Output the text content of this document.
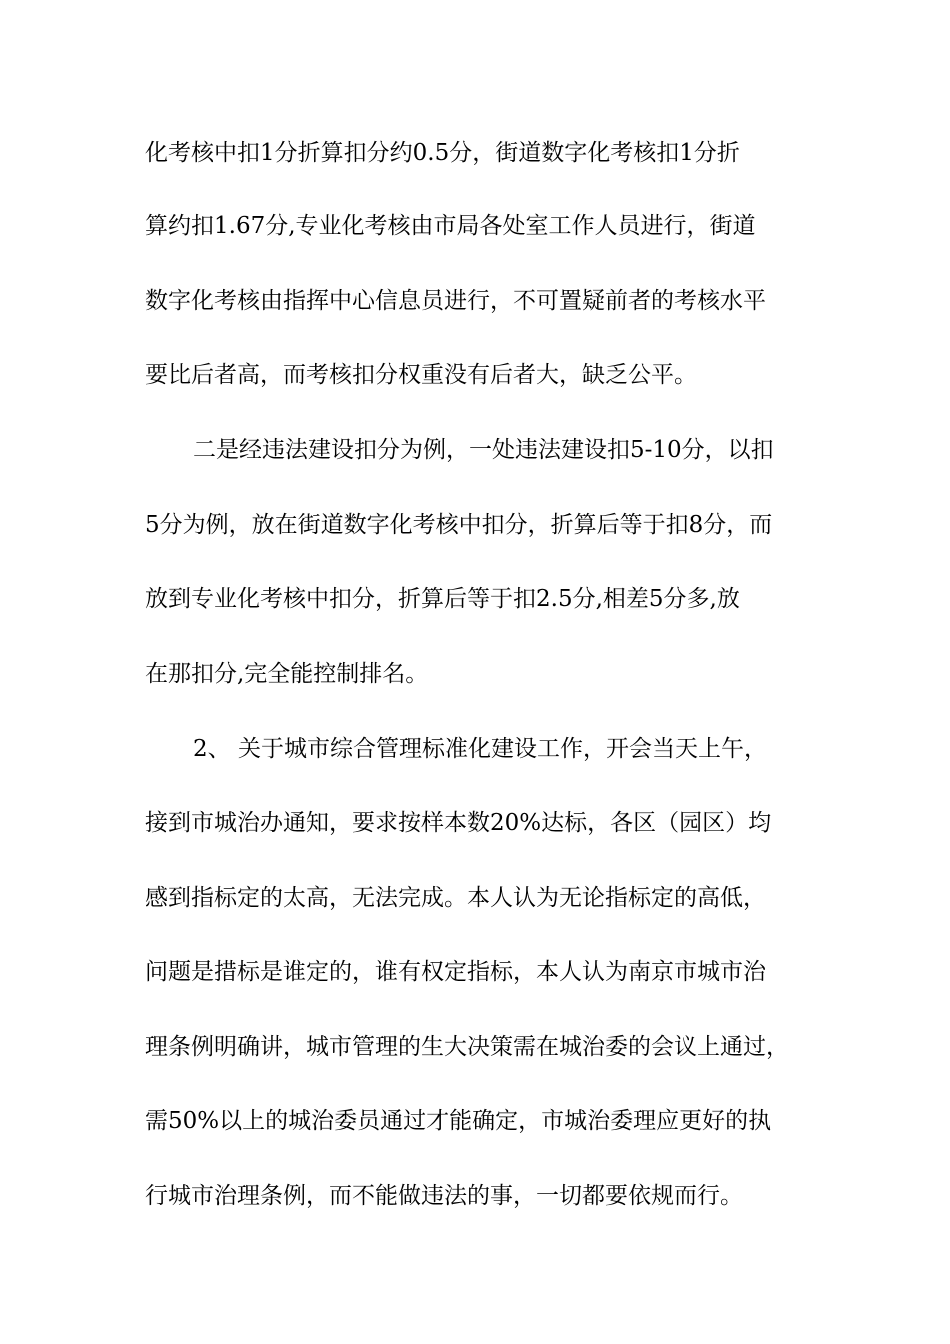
化考核中扣1分折算扣分约0.5分，街道数字化考核扣1分折
算约扣1.67分,专业化考核由市局各处室工作人员进行，街道
数字化考核由指挥中心信息员进行，不可置疑前者的考核水平
要比后者高，而考核扣分权重没有后者大，缺乏公平。
二是经违法建设扣分为例，一处违法建设扣5-10分，以扣
5分为例，放在街道数字化考核中扣分，折算后等于扣8分，而
放到专业化考核中扣分，折算后等于扣2.5分,相差5分多,放
在那扣分,完全能控制排名。
2、 关于城市综合管理标准化建设工作，开会当天上午，
接到市城治办通知，要求按样本数20%达标，各区（园区）均
感到指标定的太高，无法完成。本人认为无论指标定的高低，
问题是措标是谁定的，谁有权定指标，本人认为南京市城市治
理条例明确讲，城市管理的生大决策需在城治委的会议上通过，
需50%以上的城治委员通过才能确定，市城治委理应更好的执
行城市治理条例，而不能做违法的事，一切都要依规而行。
